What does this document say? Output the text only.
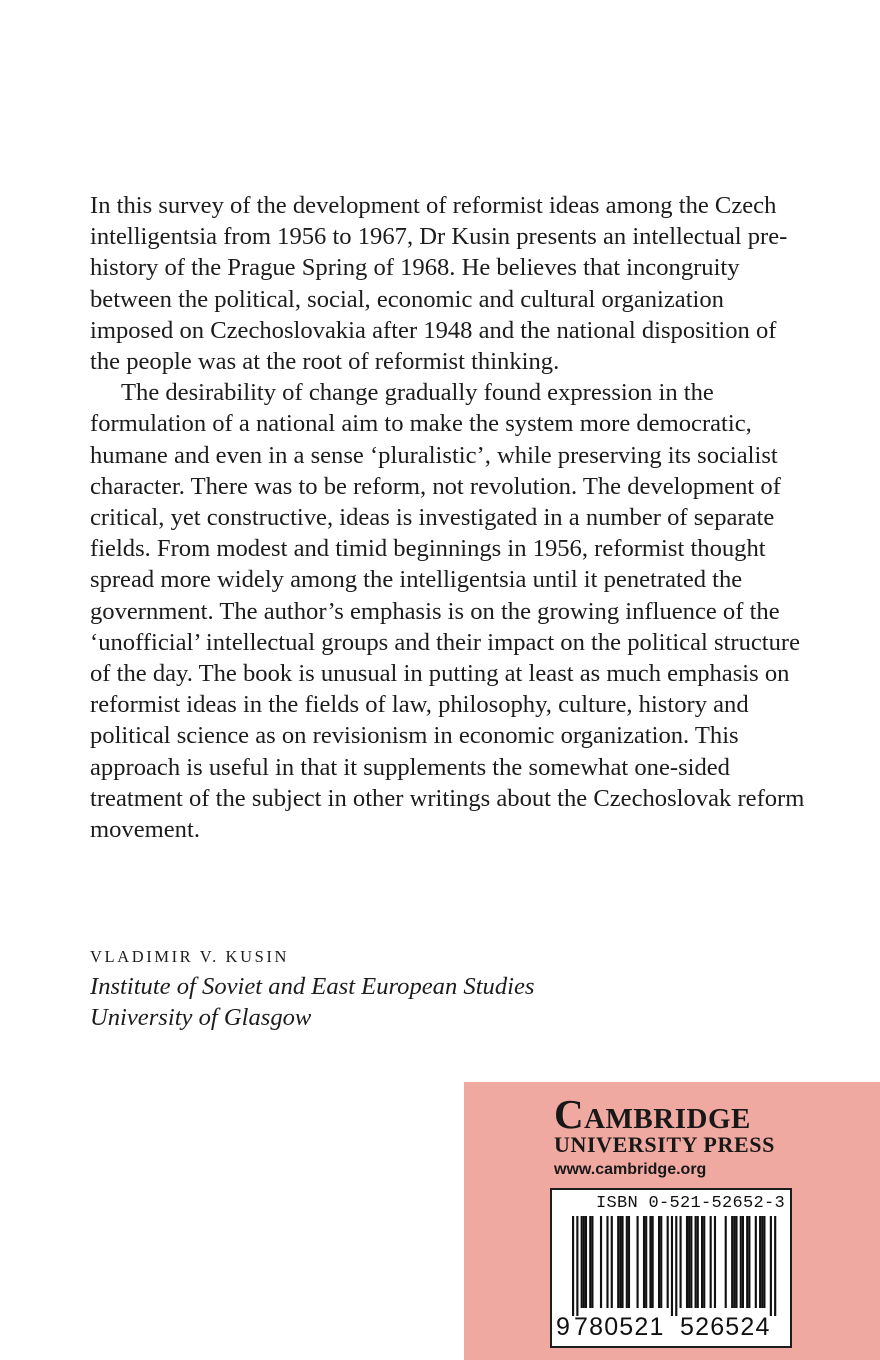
In this survey of the development of reformist ideas among the Czech intelligentsia from 1956 to 1967, Dr Kusin presents an intellectual pre-history of the Prague Spring of 1968. He believes that incongruity between the political, social, economic and cultural organization imposed on Czechoslovakia after 1948 and the national disposition of the people was at the root of reformist thinking.

The desirability of change gradually found expression in the formulation of a national aim to make the system more democratic, humane and even in a sense ‘pluralistic’, while preserving its socialist character. There was to be reform, not revolution. The development of critical, yet constructive, ideas is investigated in a number of separate fields. From modest and timid beginnings in 1956, reformist thought spread more widely among the intelligentsia until it penetrated the government. The author’s emphasis is on the growing influence of the ‘unofficial’ intellectual groups and their impact on the political structure of the day. The book is unusual in putting at least as much emphasis on reformist ideas in the fields of law, philosophy, culture, history and political science as on revisionism in economic organization. This approach is useful in that it supplements the somewhat one-sided treatment of the subject in other writings about the Czechoslovak reform movement.

VLADIMIR V. KUSIN
Institute of Soviet and East European Studies
University of Glasgow
Cambridge
UNIVERSITY PRESS
www.cambridge.org
ISBN 0-521-52652-3
9 780521 526524
